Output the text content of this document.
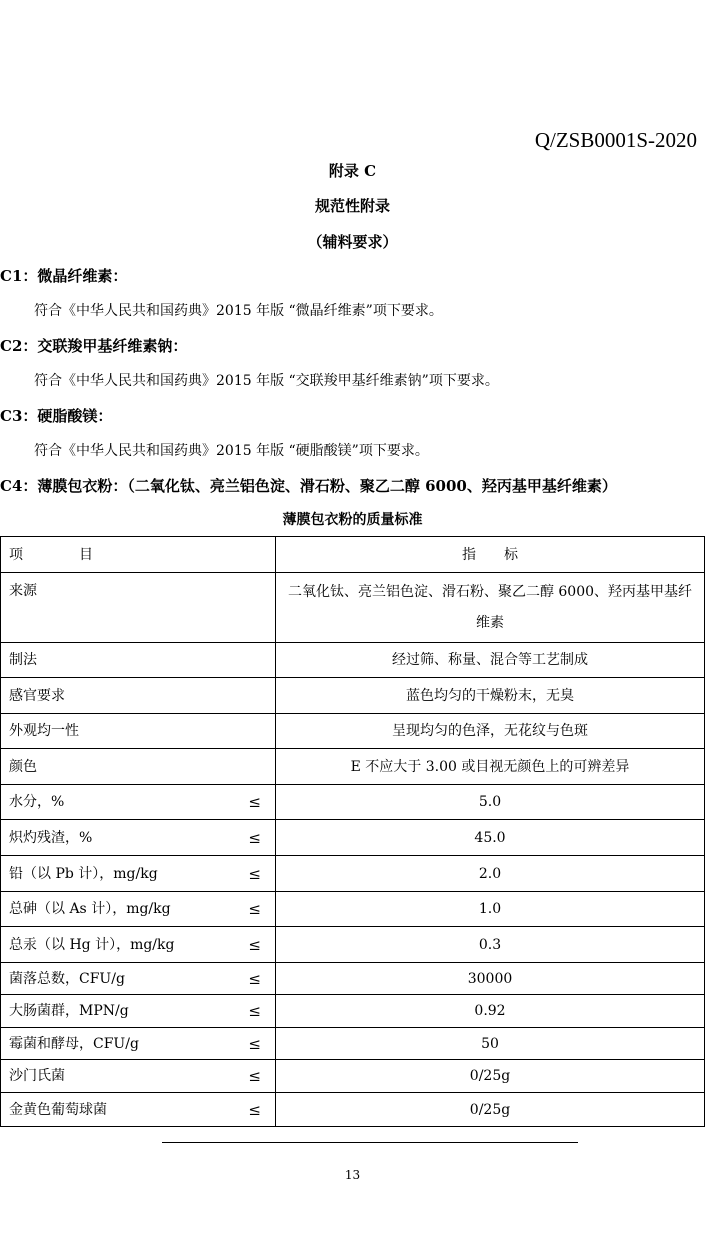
Q/ZSB0001S-2020
附录 C
规范性附录
（辅料要求）
C1：微晶纤维素：
符合《中华人民共和国药典》2015 年版 “微晶纤维素”项下要求。
C2：交联羧甲基纤维素钠：
符合《中华人民共和国药典》2015 年版 “交联羧甲基纤维素钠”项下要求。
C3：硬脂酸镁：
符合《中华人民共和国药典》2015 年版 “硬脂酸镁”项下要求。
C4：薄膜包衣粉：（二氧化钛、亮兰铝色淀、滑石粉、聚乙二醇 6000、羟丙基甲基纤维素）
薄膜包衣粉的质量标准
项　　　　目	指　　标
来源	二氧化钛、亮兰铝色淀、滑石粉、聚乙二醇 6000、羟丙基甲基纤维素
制法	经过筛、称量、混合等工艺制成
感官要求	蓝色均匀的干燥粉末，无臭
外观均一性	呈现均匀的色泽，无花纹与色斑
颜色	E 不应大于 3.00 或目视无颜色上的可辨差异
水分，% ≤	5.0
炽灼残渣，% ≤	45.0
铅（以 Pb 计），mg/kg ≤	2.0
总砷（以 As 计），mg/kg ≤	1.0
总汞（以 Hg 计），mg/kg ≤	0.3
菌落总数，CFU/g ≤	30000
大肠菌群，MPN/g ≤	0.92
霉菌和酵母，CFU/g ≤	50
沙门氏菌 ≤	0/25g
金黄色葡萄球菌 ≤	0/25g
13
